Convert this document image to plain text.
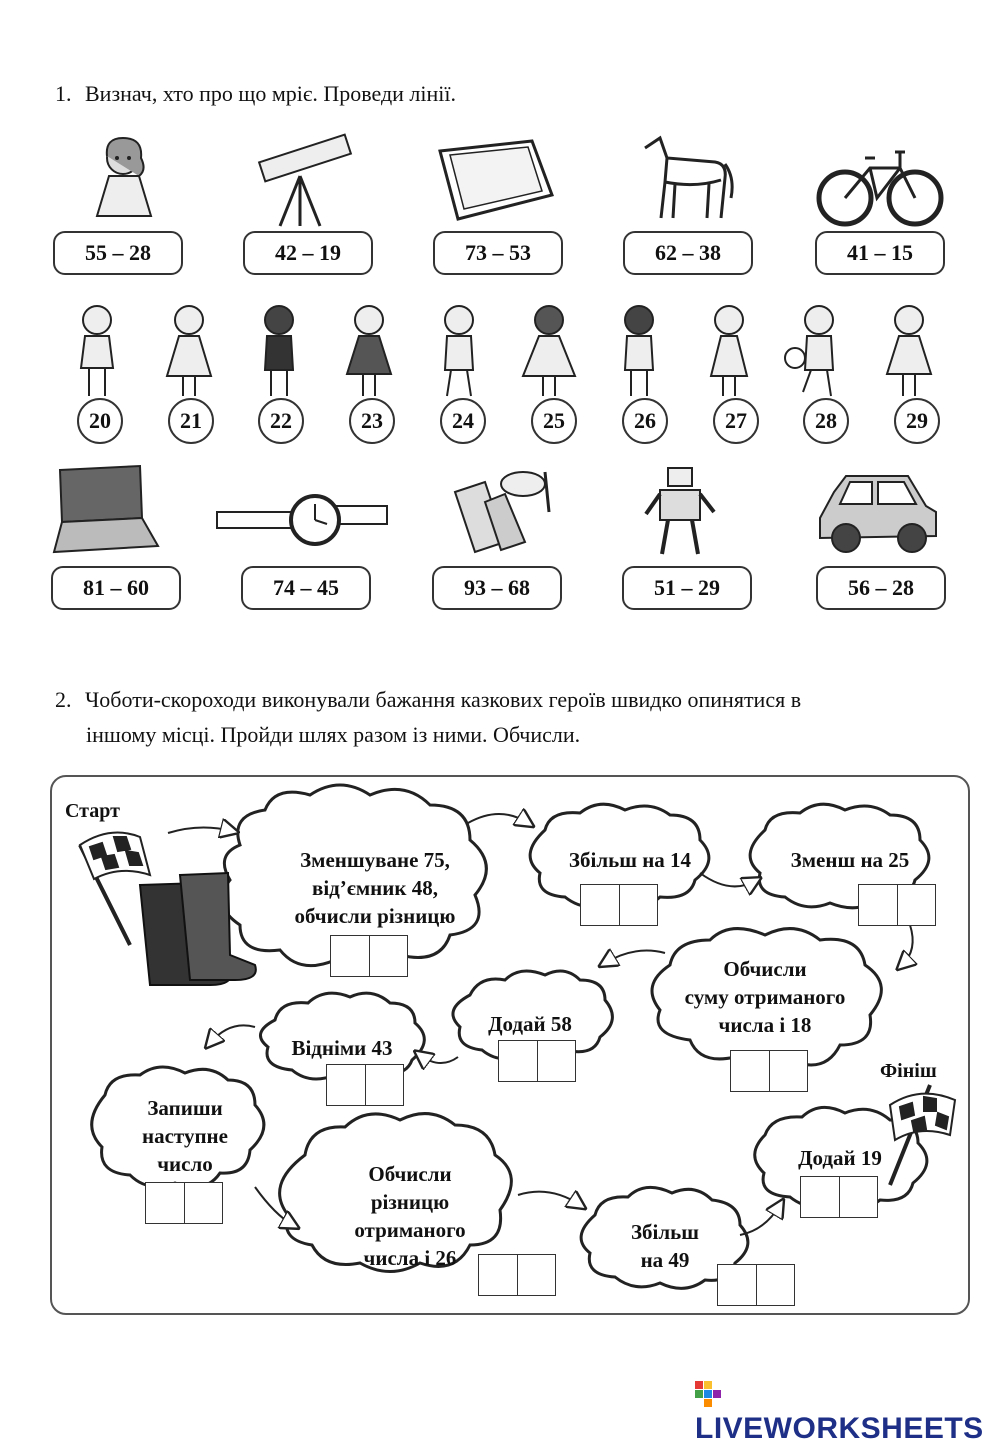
1. Визнач, хто про що мріє. Проведи лінії.
55 – 28	42 – 19	73 – 53	62 – 38	41 – 15
20	21	22	23	24	25	26	27	28	29
81 – 60	74 – 45	93 – 68	51 – 29	56 – 28
2. Чоботи-скороходи виконували бажання казкових героїв швидко опинятися в
іншому місці. Пройди шлях разом із ними. Обчисли.
Старт
Фініш
Зменшуване 75,
від’ємник 48,
обчисли різницю
Збільш на 14	Зменш на 25
Обчисли
суму отриманого
числа і 18
Додай 58
Відніми 43
Запиши
наступне
число	Обчисли
різницю
отриманого
числа і 26
Збільш
на 49
Додай 19
LIVEWORKSHEETS
